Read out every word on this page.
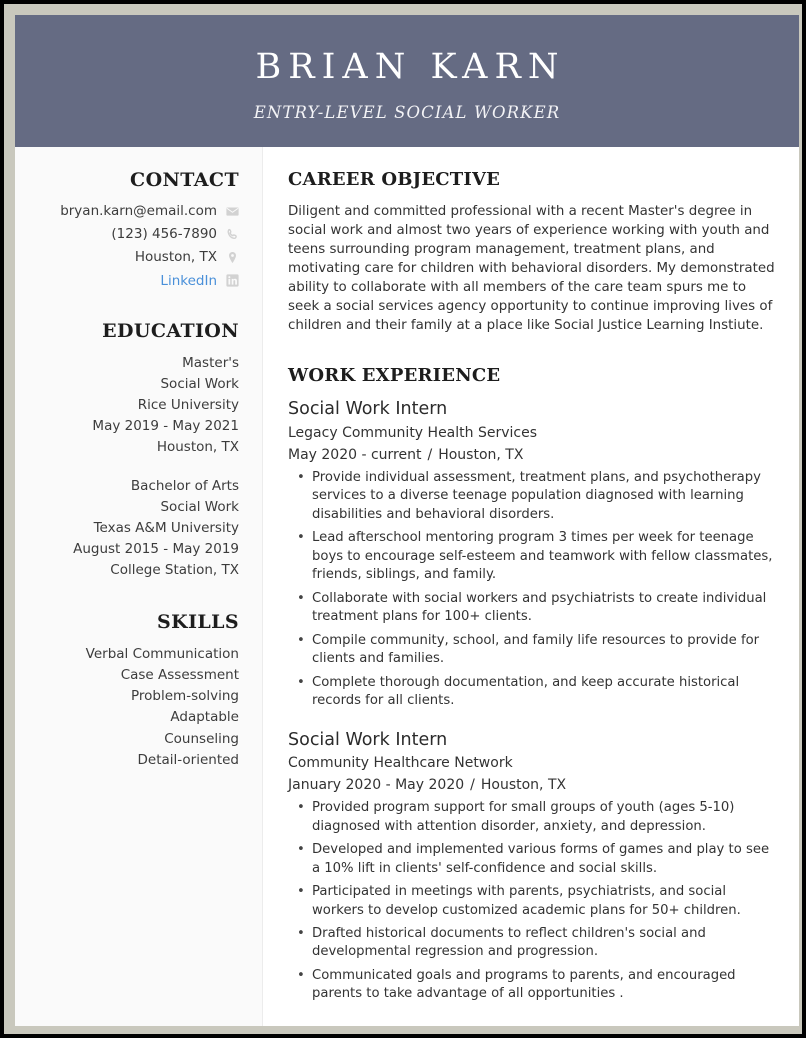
BRIAN KARN
ENTRY-LEVEL SOCIAL WORKER
CONTACT
bryan.karn@email.com
(123) 456-7890
Houston, TX
LinkedIn
EDUCATION
Master's
Social Work
Rice University
May 2019 - May 2021
Houston, TX
Bachelor of Arts
Social Work
Texas A&M University
August 2015 - May 2019
College Station, TX
SKILLS
Verbal Communication
Case Assessment
Problem-solving
Adaptable
Counseling
Detail-oriented
CAREER OBJECTIVE

Diligent and committed professional with a recent Master's degree in social work and almost two years of experience working with youth and teens surrounding program management, treatment plans, and motivating care for children with behavioral disorders. My demonstrated ability to collaborate with all members of the care team spurs me to seek a social services agency opportunity to continue improving lives of children and their family at a place like Social Justice Learning Instiute.

WORK EXPERIENCE
Social Work Intern
Legacy Community Health Services
May 2020 - current / Houston, TX
• Provide individual assessment, treatment plans, and psychotherapy services to a diverse teenage population diagnosed with learning disabilities and behavioral disorders.
• Lead afterschool mentoring program 3 times per week for teenage boys to encourage self-esteem and teamwork with fellow classmates, friends, siblings, and family.
• Collaborate with social workers and psychiatrists to create individual treatment plans for 100+ clients.
• Compile community, school, and family life resources to provide for clients and families.
• Complete thorough documentation, and keep accurate historical records for all clients.
Social Work Intern
Community Healthcare Network
January 2020 - May 2020 / Houston, TX
• Provided program support for small groups of youth (ages 5-10) diagnosed with attention disorder, anxiety, and depression.
• Developed and implemented various forms of games and play to see a 10% lift in clients' self-confidence and social skills.
• Participated in meetings with parents, psychiatrists, and social workers to develop customized academic plans for 50+ children.
• Drafted historical documents to reflect children's social and developmental regression and progression.
• Communicated goals and programs to parents, and encouraged parents to take advantage of all opportunities .
